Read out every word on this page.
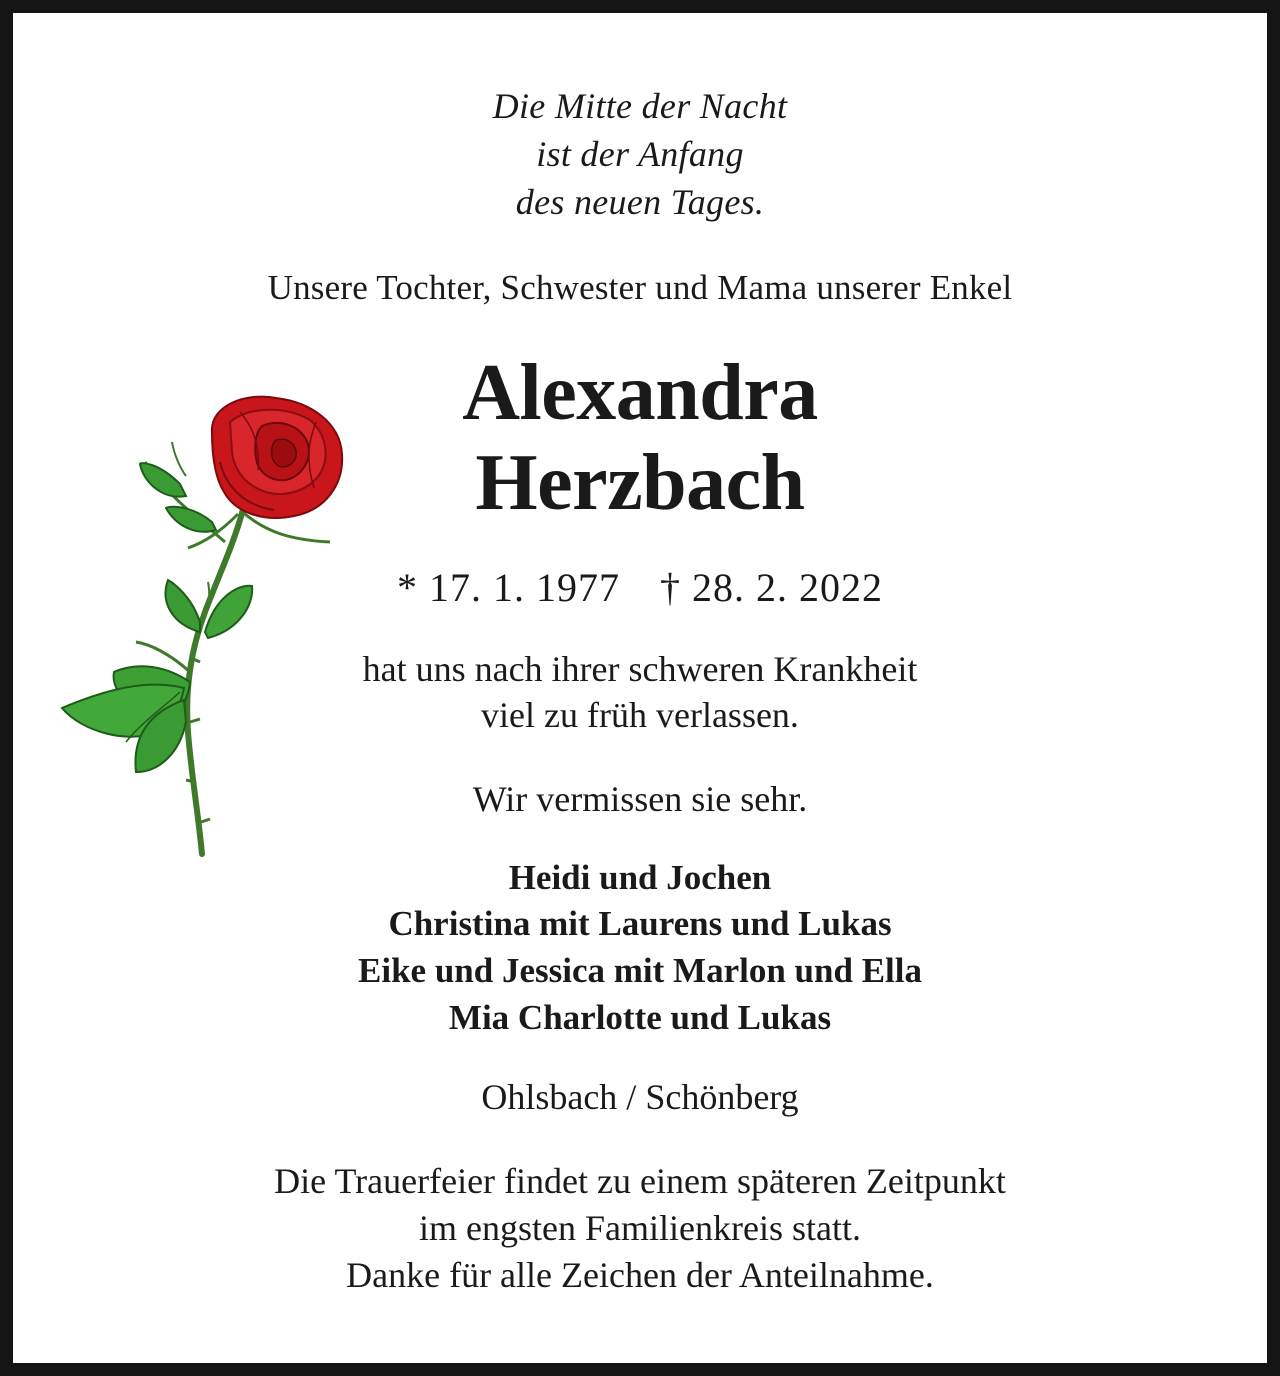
Die Mitte der Nacht
ist der Anfang
des neuen Tages.
Unsere Tochter, Schwester und Mama unserer Enkel
Alexandra
Herzbach
* 17. 1. 1977 † 28. 2. 2022
hat uns nach ihrer schweren Krankheit
viel zu früh verlassen.
Wir vermissen sie sehr.
Heidi und Jochen
Christina mit Laurens und Lukas
Eike und Jessica mit Marlon und Ella
Mia Charlotte und Lukas
Ohlsbach / Schönberg
Die Trauerfeier findet zu einem späteren Zeitpunkt
im engsten Familienkreis statt.
Danke für alle Zeichen der Anteilnahme.
